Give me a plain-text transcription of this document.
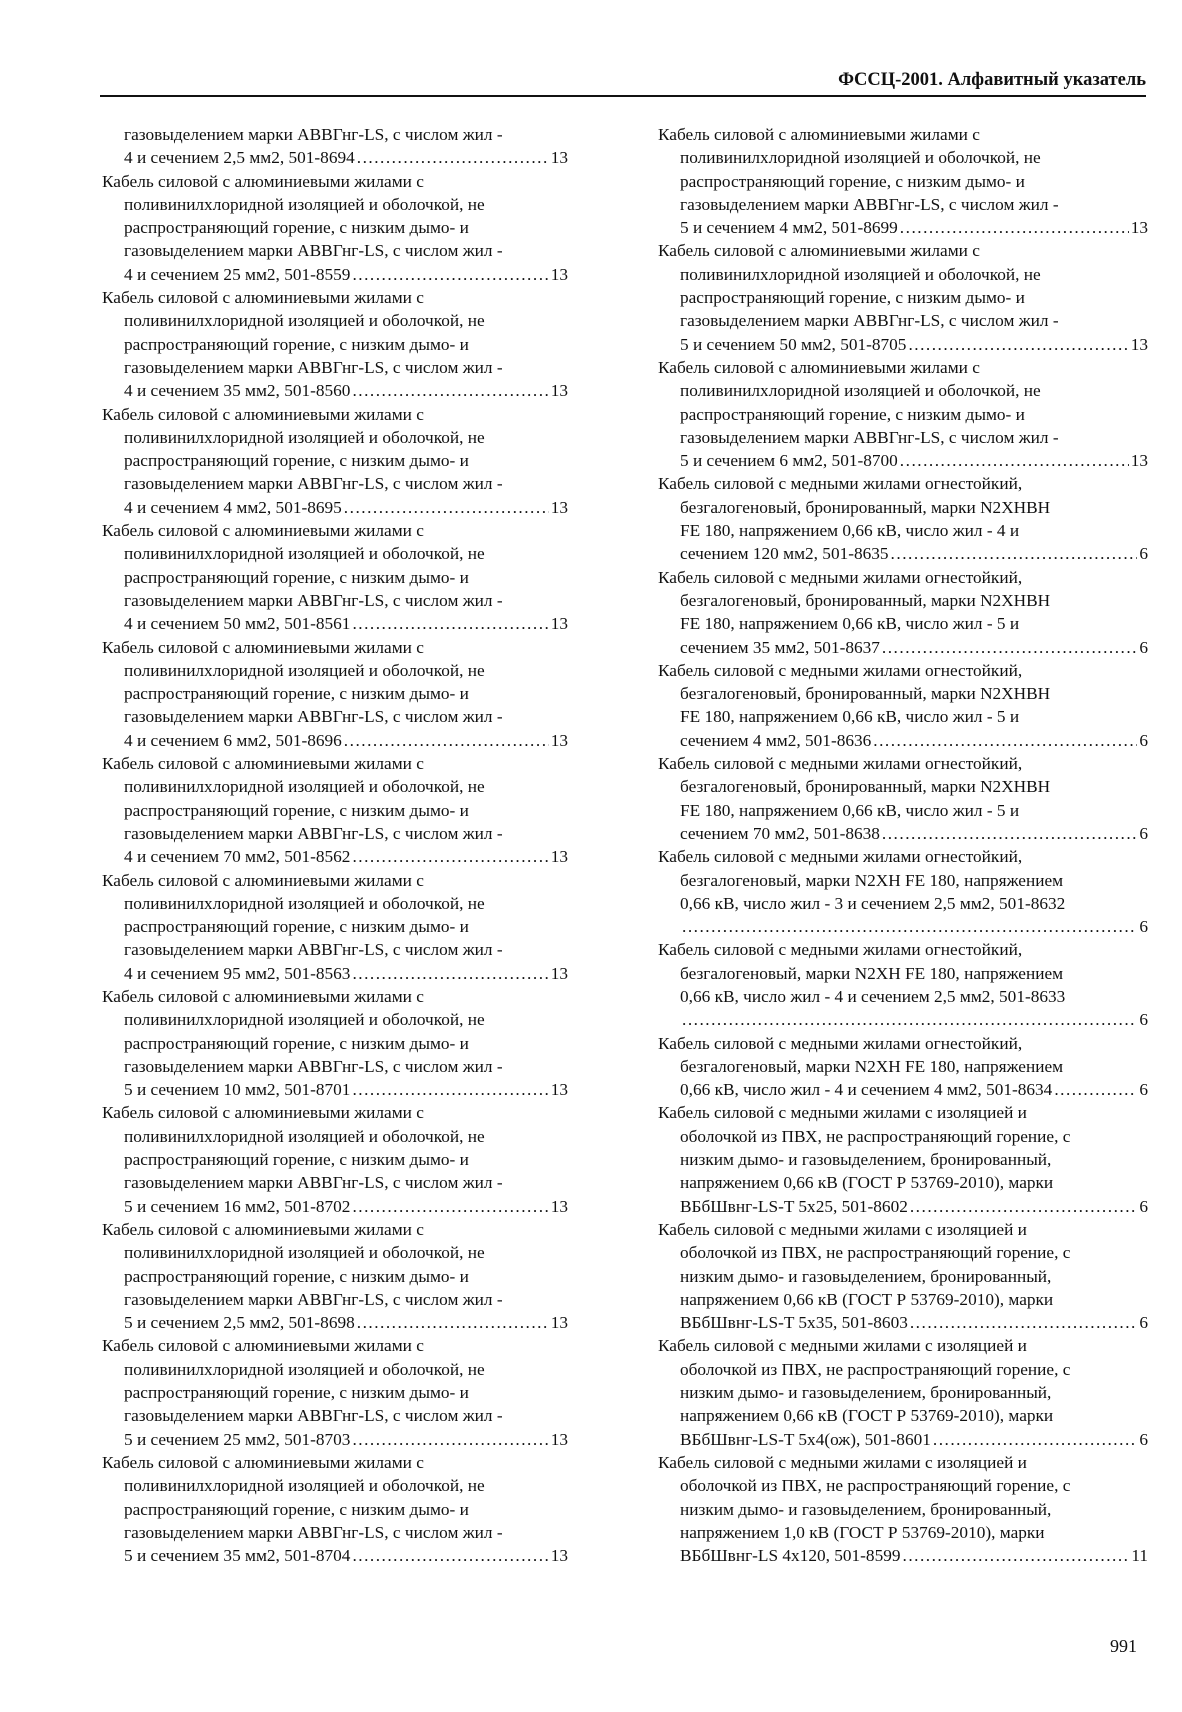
ФССЦ-2001. Алфавитный указатель
газовыделением марки АВВГнг-LS, с числом жил -
4 и сечением 2,5 мм2, 501-8694 .....	13
Кабель силовой с алюминиевыми жилами с
поливинилхлоридной изоляцией и оболочкой, не
распространяющий горение, с низким дымо- и
газовыделением марки АВВГнг-LS, с числом жил -
4 и сечением 25 мм2, 501-8559 .....	13
Кабель силовой с алюминиевыми жилами с
поливинилхлоридной изоляцией и оболочкой, не
распространяющий горение, с низким дымо- и
газовыделением марки АВВГнг-LS, с числом жил -
4 и сечением 35 мм2, 501-8560 .....	13
Кабель силовой с алюминиевыми жилами с
поливинилхлоридной изоляцией и оболочкой, не
распространяющий горение, с низким дымо- и
газовыделением марки АВВГнг-LS, с числом жил -
4 и сечением 4 мм2, 501-8695 .....	13
Кабель силовой с алюминиевыми жилами с
поливинилхлоридной изоляцией и оболочкой, не
распространяющий горение, с низким дымо- и
газовыделением марки АВВГнг-LS, с числом жил -
4 и сечением 50 мм2, 501-8561 .....	13
Кабель силовой с алюминиевыми жилами с
поливинилхлоридной изоляцией и оболочкой, не
распространяющий горение, с низким дымо- и
газовыделением марки АВВГнг-LS, с числом жил -
4 и сечением 6 мм2, 501-8696 .....	13
Кабель силовой с алюминиевыми жилами с
поливинилхлоридной изоляцией и оболочкой, не
распространяющий горение, с низким дымо- и
газовыделением марки АВВГнг-LS, с числом жил -
4 и сечением 70 мм2, 501-8562 .....	13
Кабель силовой с алюминиевыми жилами с
поливинилхлоридной изоляцией и оболочкой, не
распространяющий горение, с низким дымо- и
газовыделением марки АВВГнг-LS, с числом жил -
4 и сечением 95 мм2, 501-8563 .....	13
Кабель силовой с алюминиевыми жилами с
поливинилхлоридной изоляцией и оболочкой, не
распространяющий горение, с низким дымо- и
газовыделением марки АВВГнг-LS, с числом жил -
5 и сечением 10 мм2, 501-8701 .....	13
Кабель силовой с алюминиевыми жилами с
поливинилхлоридной изоляцией и оболочкой, не
распространяющий горение, с низким дымо- и
газовыделением марки АВВГнг-LS, с числом жил -
5 и сечением 16 мм2, 501-8702 .....	13
Кабель силовой с алюминиевыми жилами с
поливинилхлоридной изоляцией и оболочкой, не
распространяющий горение, с низким дымо- и
газовыделением марки АВВГнг-LS, с числом жил -
5 и сечением 2,5 мм2, 501-8698 .....	13
Кабель силовой с алюминиевыми жилами с
поливинилхлоридной изоляцией и оболочкой, не
распространяющий горение, с низким дымо- и
газовыделением марки АВВГнг-LS, с числом жил -
5 и сечением 25 мм2, 501-8703 .....	13
Кабель силовой с алюминиевыми жилами с
поливинилхлоридной изоляцией и оболочкой, не
распространяющий горение, с низким дымо- и
газовыделением марки АВВГнг-LS, с числом жил -
5 и сечением 35 мм2, 501-8704 .....	13
Кабель силовой с алюминиевыми жилами с
поливинилхлоридной изоляцией и оболочкой, не
распространяющий горение, с низким дымо- и
газовыделением марки АВВГнг-LS, с числом жил -
5 и сечением 4 мм2, 501-8699 .....	13
Кабель силовой с алюминиевыми жилами с
поливинилхлоридной изоляцией и оболочкой, не
распространяющий горение, с низким дымо- и
газовыделением марки АВВГнг-LS, с числом жил -
5 и сечением 50 мм2, 501-8705 .....	13
Кабель силовой с алюминиевыми жилами с
поливинилхлоридной изоляцией и оболочкой, не
распространяющий горение, с низким дымо- и
газовыделением марки АВВГнг-LS, с числом жил -
5 и сечением 6 мм2, 501-8700 .....	13
Кабель силовой с медными жилами огнестойкий,
безгалогеновый, бронированный, марки N2XHBH
FE 180, напряжением 0,66 кВ, число жил - 4 и
сечением 120 мм2, 501-8635 .....	6
Кабель силовой с медными жилами огнестойкий,
безгалогеновый, бронированный, марки N2XHBH
FE 180, напряжением 0,66 кВ, число жил - 5 и
сечением 35 мм2, 501-8637 .....	6
Кабель силовой с медными жилами огнестойкий,
безгалогеновый, бронированный, марки N2XHBH
FE 180, напряжением 0,66 кВ, число жил - 5 и
сечением 4 мм2, 501-8636 .....	6
Кабель силовой с медными жилами огнестойкий,
безгалогеновый, бронированный, марки N2XHBH
FE 180, напряжением 0,66 кВ, число жил - 5 и
сечением 70 мм2, 501-8638 .....	6
Кабель силовой с медными жилами огнестойкий,
безгалогеновый, марки N2XH FE 180, напряжением
0,66 кВ, число жил - 3 и сечением 2,5 мм2, 501-8632
.....
6
Кабель силовой с медными жилами огнестойкий,
безгалогеновый, марки N2XH FE 180, напряжением
0,66 кВ, число жил - 4 и сечением 2,5 мм2, 501-8633
.....
6
Кабель силовой с медными жилами огнестойкий,
безгалогеновый, марки N2XH FE 180, напряжением
0,66 кВ, число жил - 4 и сечением 4 мм2, 501-8634 .....	6
Кабель силовой с медными жилами с изоляцией и
оболочкой из ПВХ, не распространяющий горение, с
низким дымо- и газовыделением, бронированный,
напряжением 0,66 кВ (ГОСТ Р 53769-2010), марки
ВБбШвнг-LS-T 5x25, 501-8602 .....	6
Кабель силовой с медными жилами с изоляцией и
оболочкой из ПВХ, не распространяющий горение, с
низким дымо- и газовыделением, бронированный,
напряжением 0,66 кВ (ГОСТ Р 53769-2010), марки
ВБбШвнг-LS-T 5x35, 501-8603 .....	6
Кабель силовой с медными жилами с изоляцией и
оболочкой из ПВХ, не распространяющий горение, с
низким дымо- и газовыделением, бронированный,
напряжением 0,66 кВ (ГОСТ Р 53769-2010), марки
ВБбШвнг-LS-T 5x4(ож), 501-8601 .....	6
Кабель силовой с медными жилами с изоляцией и
оболочкой из ПВХ, не распространяющий горение, с
низким дымо- и газовыделением, бронированный,
напряжением 1,0 кВ (ГОСТ Р 53769-2010), марки
ВБбШвнг-LS 4x120, 501-8599 .....	11
991
